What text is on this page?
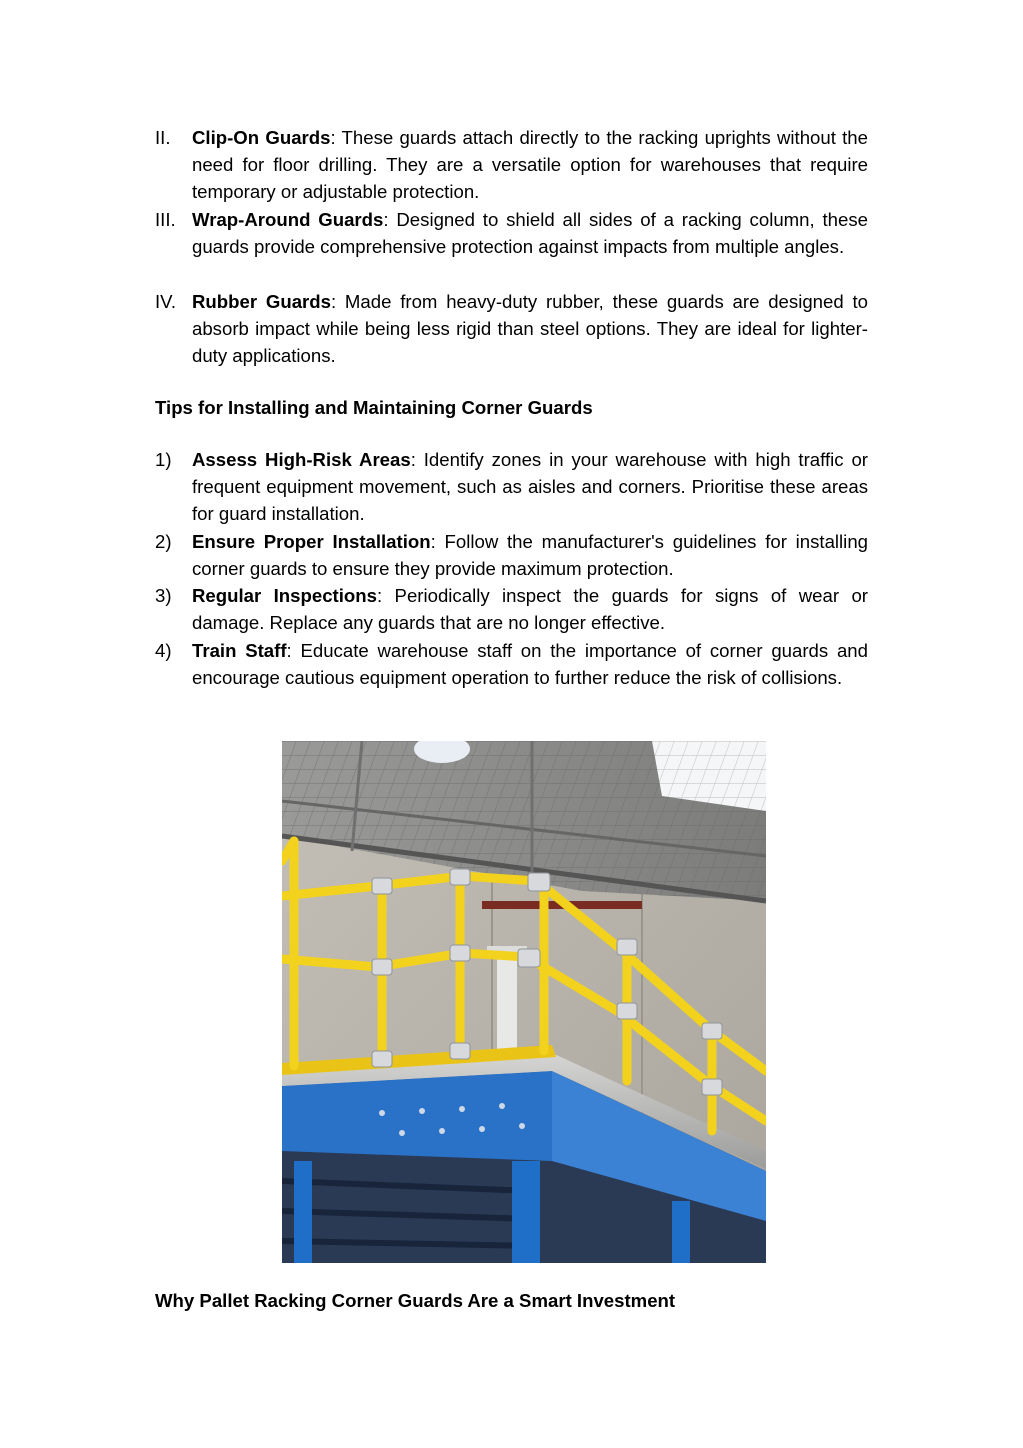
II. Clip-On Guards: These guards attach directly to the racking uprights without the need for floor drilling. They are a versatile option for warehouses that require temporary or adjustable protection.
III. Wrap-Around Guards: Designed to shield all sides of a racking column, these guards provide comprehensive protection against impacts from multiple angles.
IV. Rubber Guards: Made from heavy-duty rubber, these guards are designed to absorb impact while being less rigid than steel options. They are ideal for lighter-duty applications.
Tips for Installing and Maintaining Corner Guards
1) Assess High-Risk Areas: Identify zones in your warehouse with high traffic or frequent equipment movement, such as aisles and corners. Prioritise these areas for guard installation.
2) Ensure Proper Installation: Follow the manufacturer's guidelines for installing corner guards to ensure they provide maximum protection.
3) Regular Inspections: Periodically inspect the guards for signs of wear or damage. Replace any guards that are no longer effective.
4) Train Staff: Educate warehouse staff on the importance of corner guards and encourage cautious equipment operation to further reduce the risk of collisions.
Why Pallet Racking Corner Guards Are a Smart Investment
